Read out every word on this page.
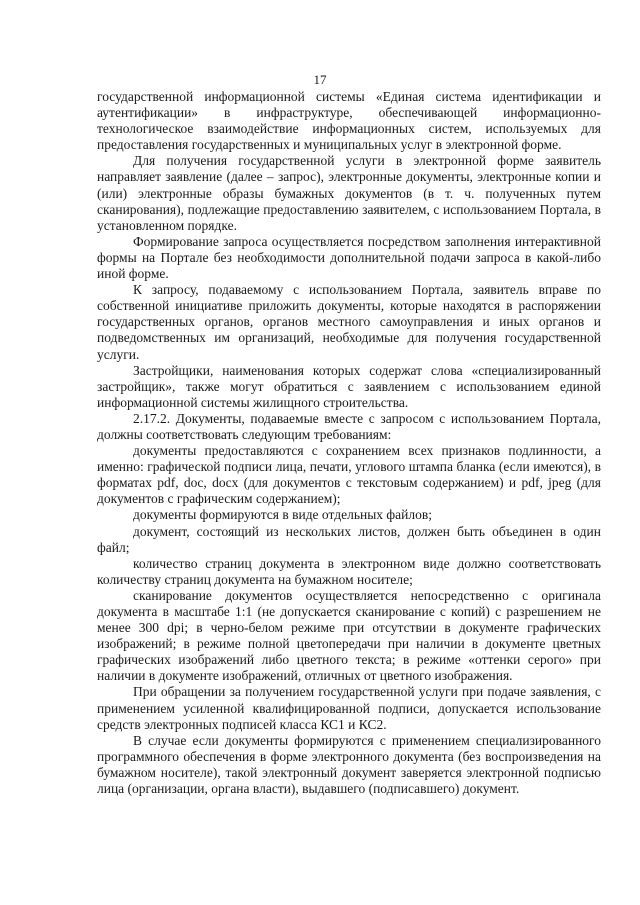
17

государственной информационной системы «Единая система идентификации и аутентификации» в инфраструктуре, обеспечивающей информационно-технологическое взаимодействие информационных систем, используемых для предоставления государственных и муниципальных услуг в электронной форме.

Для получения государственной услуги в электронной форме заявитель направляет заявление (далее – запрос), электронные документы, электронные копии и (или) электронные образы бумажных документов (в т. ч. полученных путем сканирования), подлежащие предоставлению заявителем, с использованием Портала, в установленном порядке.

Формирование запроса осуществляется посредством заполнения интерактивной формы на Портале без необходимости дополнительной подачи запроса в какой-либо иной форме.

К запросу, подаваемому с использованием Портала, заявитель вправе по собственной инициативе приложить документы, которые находятся в распоряжении государственных органов, органов местного самоуправления и иных органов и подведомственных им организаций, необходимые для получения государственной услуги.

Застройщики, наименования которых содержат слова «специализированный застройщик», также могут обратиться с заявлением с использованием единой информационной системы жилищного строительства.

2.17.2. Документы, подаваемые вместе с запросом с использованием Портала, должны соответствовать следующим требованиям:

документы предоставляются с сохранением всех признаков подлинности, а именно: графической подписи лица, печати, углового штампа бланка (если имеются), в форматах pdf, doc, docx (для документов с текстовым содержанием) и pdf, jpeg (для документов с графическим содержанием);

документы формируются в виде отдельных файлов;

документ, состоящий из нескольких листов, должен быть объединен в один файл;

количество страниц документа в электронном виде должно соответствовать количеству страниц документа на бумажном носителе;

сканирование документов осуществляется непосредственно с оригинала документа в масштабе 1:1 (не допускается сканирование с копий) с разрешением не менее 300 dpi; в черно-белом режиме при отсутствии в документе графических изображений; в режиме полной цветопередачи при наличии в документе цветных графических изображений либо цветного текста; в режиме «оттенки серого» при наличии в документе изображений, отличных от цветного изображения.

При обращении за получением государственной услуги при подаче заявления, с применением усиленной квалифицированной подписи, допускается использование средств электронных подписей класса КС1 и КС2.

В случае если документы формируются с применением специализированного программного обеспечения в форме электронного документа (без воспроизведения на бумажном носителе), такой электронный документ заверяется электронной подписью лица (организации, органа власти), выдавшего (подписавшего) документ.
